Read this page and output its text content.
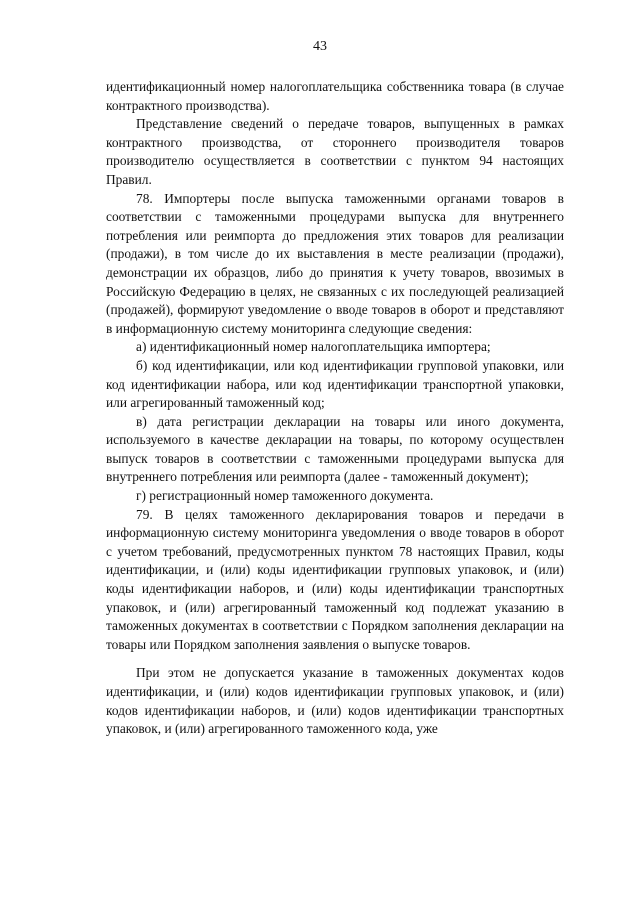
43

идентификационный номер налогоплательщика собственника товара (в случае контрактного производства).

Представление сведений о передаче товаров, выпущенных в рамках контрактного производства, от стороннего производителя товаров производителю осуществляется в соответствии с пунктом 94 настоящих Правил.

78. Импортеры после выпуска таможенными органами товаров в соответствии с таможенными процедурами выпуска для внутреннего потребления или реимпорта до предложения этих товаров для реализации (продажи), в том числе до их выставления в месте реализации (продажи), демонстрации их образцов, либо до принятия к учету товаров, ввозимых в Российскую Федерацию в целях, не связанных с их последующей реализацией (продажей), формируют уведомление о вводе товаров в оборот и представляют в информационную систему мониторинга следующие сведения:

а) идентификационный номер налогоплательщика импортера;

б) код идентификации, или код идентификации групповой упаковки, или код идентификации набора, или код идентификации транспортной упаковки, или агрегированный таможенный код;

в) дата регистрации декларации на товары или иного документа, используемого в качестве декларации на товары, по которому осуществлен выпуск товаров в соответствии с таможенными процедурами выпуска для внутреннего потребления или реимпорта (далее - таможенный документ);

г) регистрационный номер таможенного документа.

79. В целях таможенного декларирования товаров и передачи в информационную систему мониторинга уведомления о вводе товаров в оборот с учетом требований, предусмотренных пунктом 78 настоящих Правил, коды идентификации, и (или) коды идентификации групповых упаковок, и (или) коды идентификации наборов, и (или) коды идентификации транспортных упаковок, и (или) агрегированный таможенный код подлежат указанию в таможенных документах в соответствии с Порядком заполнения декларации на товары или Порядком заполнения заявления о выпуске товаров.

При этом не допускается указание в таможенных документах кодов идентификации, и (или) кодов идентификации групповых упаковок, и (или) кодов идентификации наборов, и (или) кодов идентификации транспортных упаковок, и (или) агрегированного таможенного кода, уже
